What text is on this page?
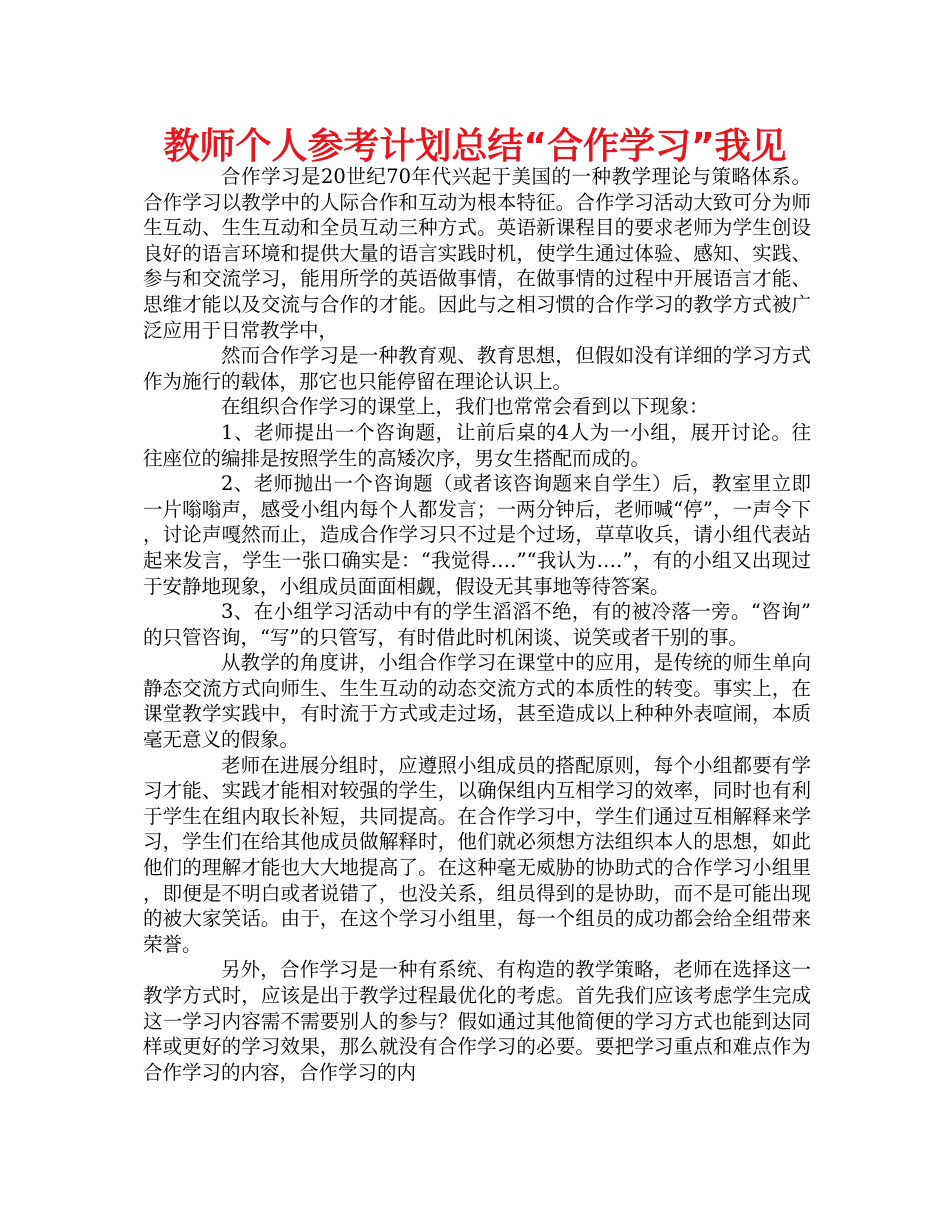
教师个人参考计划总结“合作学习”我见

合作学习是20世纪70年代兴起于美国的一种教学理论与策略体系。合作学习以教学中的人际合作和互动为根本特征。合作学习活动大致可分为师生互动、生生互动和全员互动三种方式。英语新课程目的要求老师为学生创设良好的语言环境和提供大量的语言实践时机，使学生通过体验、感知、实践、参与和交流学习，能用所学的英语做事情，在做事情的过程中开展语言才能、思维才能以及交流与合作的才能。因此与之相习惯的合作学习的教学方式被广泛应用于日常教学中，

然而合作学习是一种教育观、教育思想，但假如没有详细的学习方式作为施行的载体，那它也只能停留在理论认识上。

在组织合作学习的课堂上，我们也常常会看到以下现象：

1、老师提出一个咨询题，让前后桌的4人为一小组，展开讨论。往往座位的编排是按照学生的高矮次序，男女生搭配而成的。

2、老师抛出一个咨询题（或者该咨询题来自学生）后，教室里立即一片嗡嗡声，感受小组内每个人都发言；一两分钟后，老师喊“停”，一声令下，讨论声嘎然而止，造成合作学习只不过是个过场，草草收兵，请小组代表站起来发言，学生一张口确实是：“我觉得‥‥”“我认为‥‥”，有的小组又出现过于安静地现象，小组成员面面相觑，假设无其事地等待答案。

3、在小组学习活动中有的学生滔滔不绝，有的被冷落一旁。“咨询”的只管咨询，“写”的只管写，有时借此时机闲谈、说笑或者干别的事。

从教学的角度讲，小组合作学习在课堂中的应用，是传统的师生单向静态交流方式向师生、生生互动的动态交流方式的本质性的转变。事实上，在课堂教学实践中，有时流于方式或走过场，甚至造成以上种种外表喧闹，本质毫无意义的假象。

老师在进展分组时，应遵照小组成员的搭配原则，每个小组都要有学习才能、实践才能相对较强的学生，以确保组内互相学习的效率，同时也有利于学生在组内取长补短，共同提高。在合作学习中，学生们通过互相解释来学习，学生们在给其他成员做解释时，他们就必须想方法组织本人的思想，如此他们的理解才能也大大地提高了。在这种毫无威胁的协助式的合作学习小组里，即便是不明白或者说错了，也没关系，组员得到的是协助，而不是可能出现的被大家笑话。由于，在这个学习小组里，每一个组员的成功都会给全组带来荣誉。

另外，合作学习是一种有系统、有构造的教学策略，老师在选择这一教学方式时，应该是出于教学过程最优化的考虑。首先我们应该考虑学生完成这一学习内容需不需要别人的参与？假如通过其他简便的学习方式也能到达同样或更好的学习效果，那么就没有合作学习的必要。要把学习重点和难点作为合作学习的内容，合作学习的内
